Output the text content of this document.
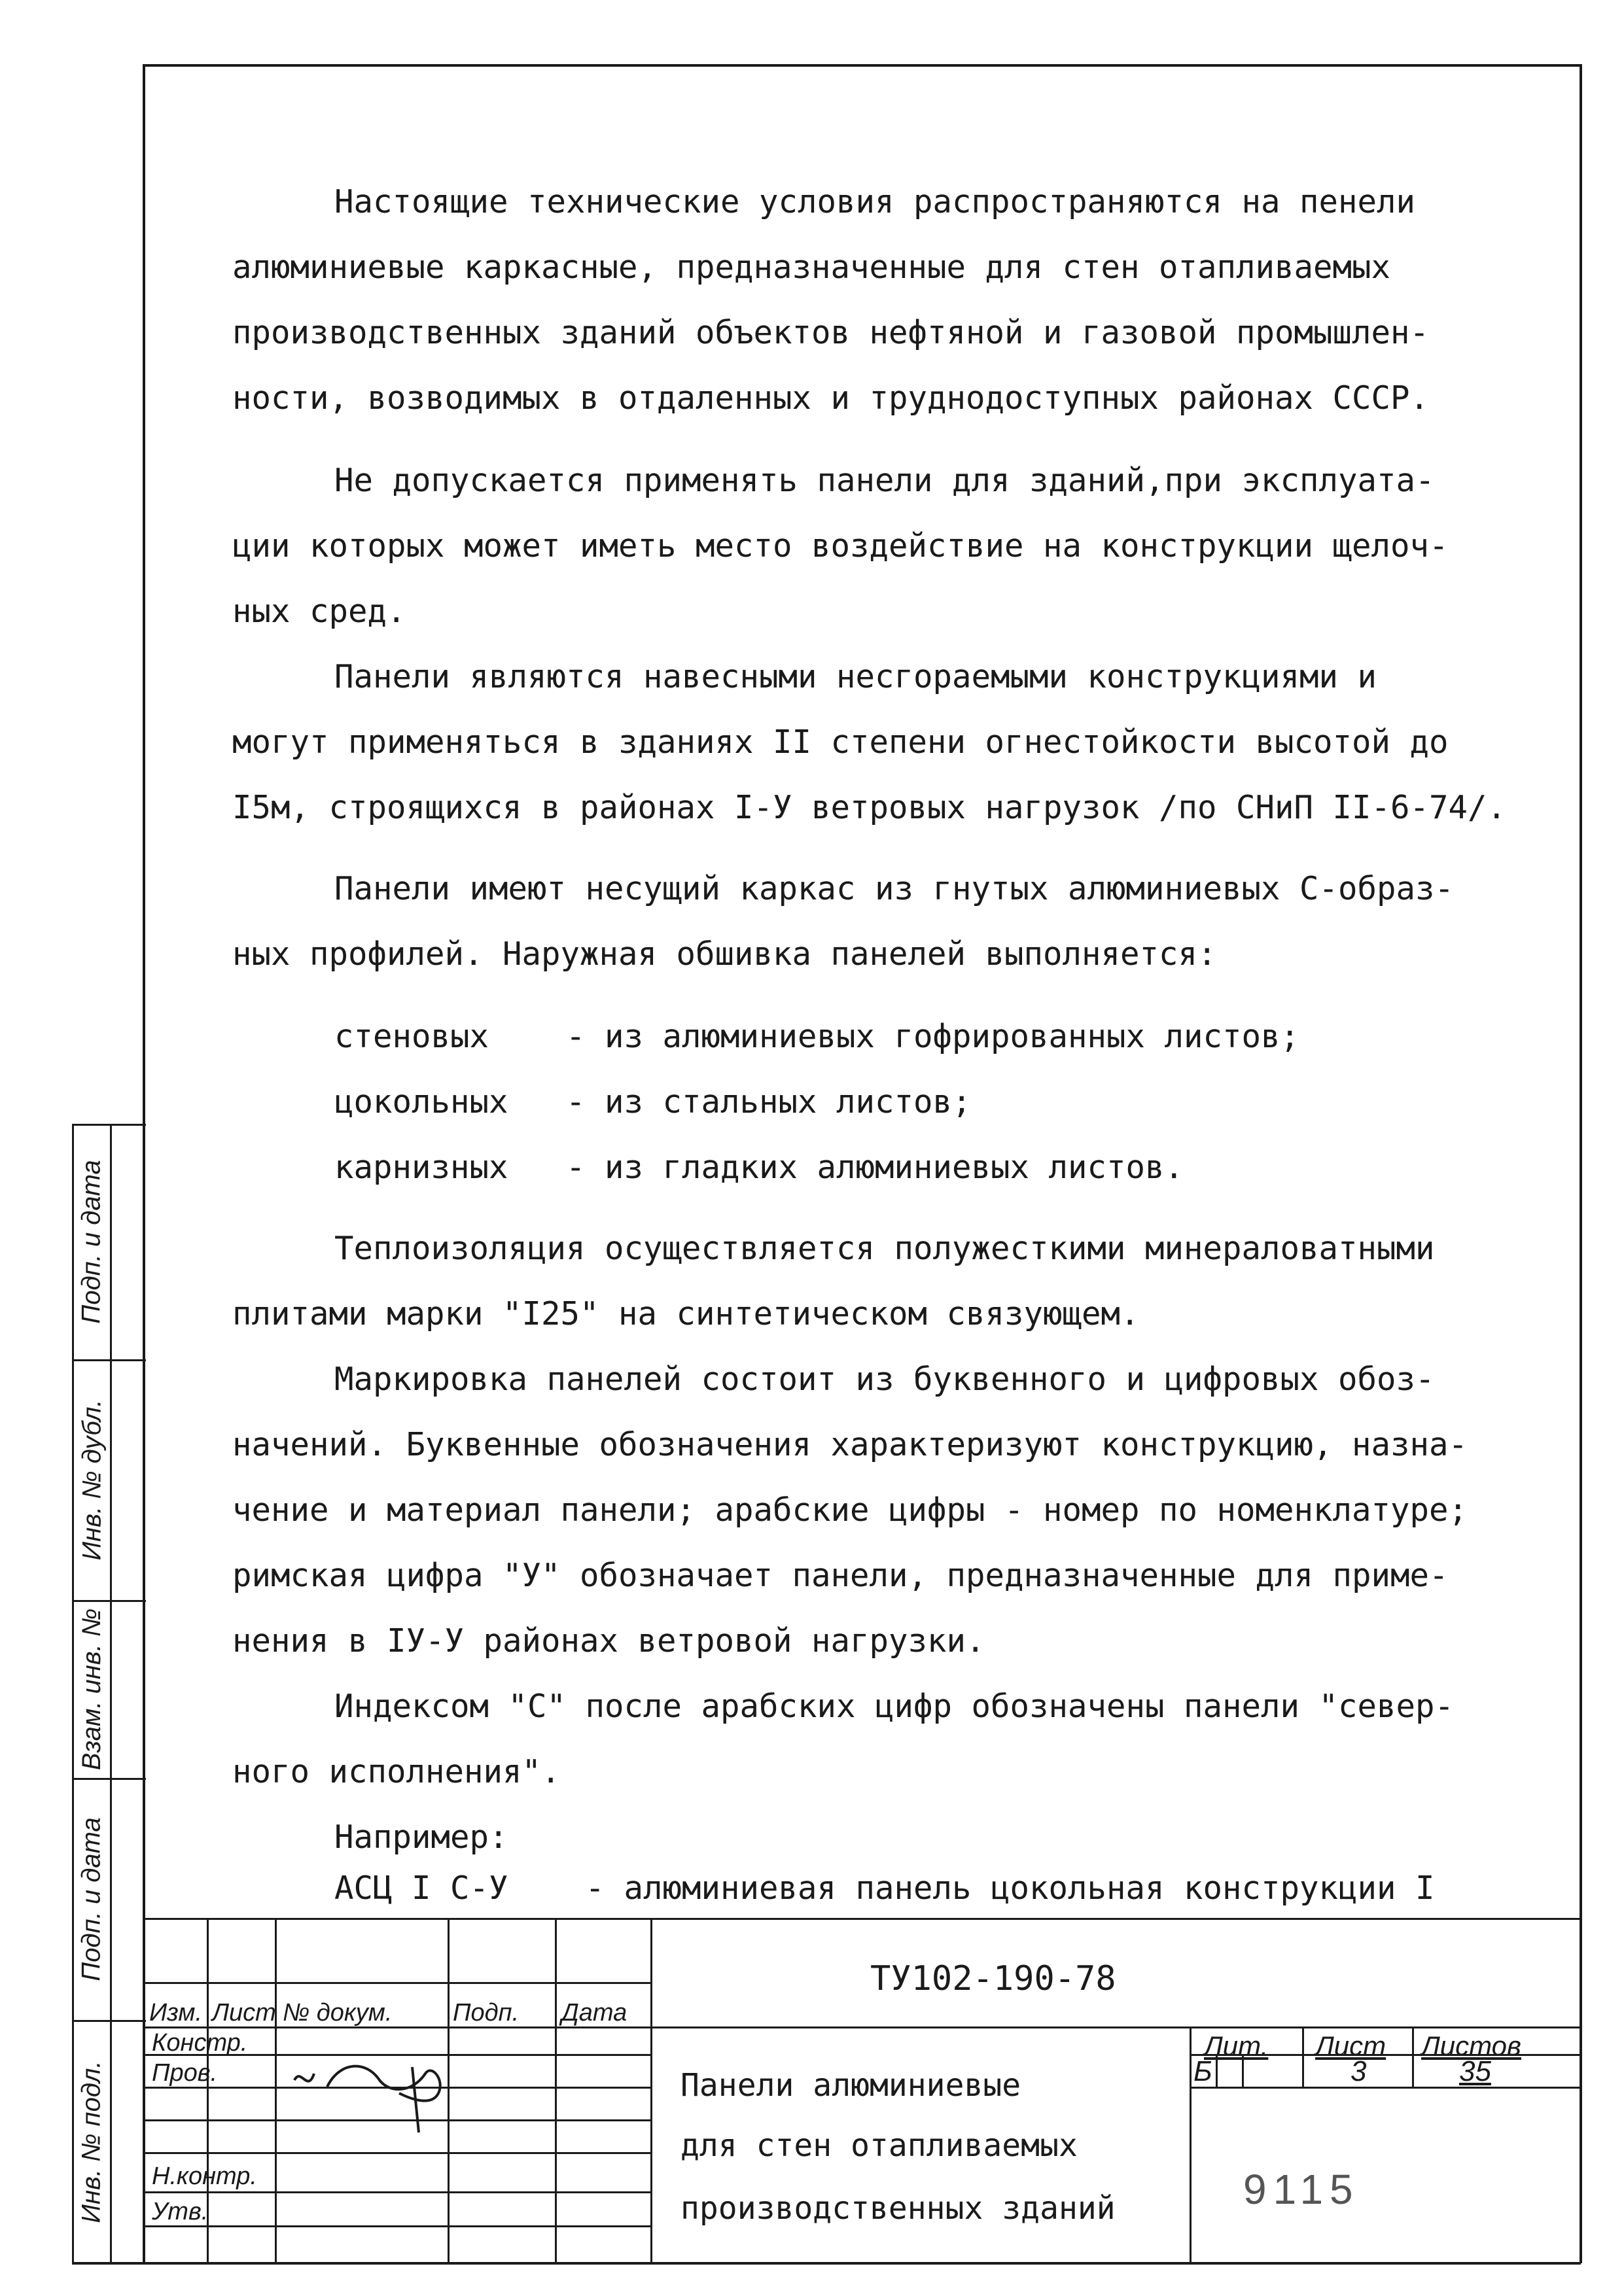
Настоящие технические условия распространяются на пенели
алюминиевые каркасные, предназначенные для стен отапливаемых
производственных зданий объектов нефтяной и газовой промышлен-
ности, возводимых в отдаленных и труднодоступных районах СССР.
Не допускается применять панели для зданий,при эксплуата-
ции которых может иметь место воздействие на конструкции щелоч-
ных сред.
Панели являются навесными несгораемыми конструкциями и
могут применяться в зданиях II степени огнестойкости высотой до
I5м, строящихся в районах I-У ветровых нагрузок /по СНиП II-6-74/.
Панели имеют несущий каркас из гнутых алюминиевых С-образ-
ных профилей. Наружная обшивка панелей выполняется:
стеновых    - из алюминиевых гофрированных листов;
цокольных   - из стальных листов;
карнизных   - из гладких алюминиевых листов.
Теплоизоляция осуществляется полужесткими минераловатными
плитами марки "I25" на синтетическом связующем.
Маркировка панелей состоит из буквенного и цифровых обоз-
начений. Буквенные обозначения характеризуют конструкцию, назна-
чение и материал панели; арабские цифры - номер по номенклатуре;
римская цифра "У" обозначает панели, предназначенные для приме-
нения в IУ-У районах ветровой нагрузки.
Индексом "С" после арабских цифр обозначены панели "север-
ного исполнения".
Например:
АСЦ I С-У    - алюминиевая панель цокольная конструкции I
Подп. и дата
Инв. № дубл.
Взам. инв. №
Подп. и дата
Инв. № подл.
Изм. Лист № докум. Подп. Дата
Констр.
Пров.
Н.контр.
Утв.
ТУ102-190-78
Панели алюминиевые
для стен отапливаемых
производственных зданий
Лит. Лист Листов
Б	3	35
9115
